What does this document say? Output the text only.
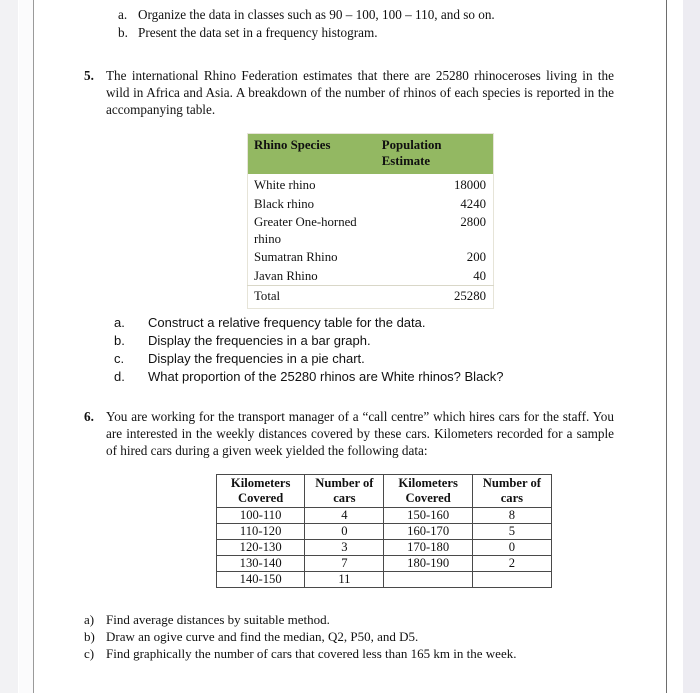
a. Organize the data in classes such as 90 – 100, 100 – 110, and so on.
b. Present the data set in a frequency histogram.
5. The international Rhino Federation estimates that there are 25280 rhinoceroses living in the wild in Africa and Asia. A breakdown of the number of rhinos of each species is reported in the accompanying table.
Rhino Species	Population Estimate
White rhino	18000
Black rhino	4240
Greater One-horned rhino	2800
Sumatran Rhino	200
Javan Rhino	40
Total	25280
a.	Construct a relative frequency table for the data.
b.	Display the frequencies in a bar graph.
c.	Display the frequencies in a pie chart.
d.	What proportion of the 25280 rhinos are White rhinos? Black?
6. You are working for the transport manager of a “call centre” which hires cars for the staff. You are interested in the weekly distances covered by these cars. Kilometers recorded for a sample of hired cars during a given week yielded the following data:
Kilometers Covered	Number of cars	Kilometers Covered	Number of cars
100-110	4	150-160	8
110-120	0	160-170	5
120-130	3	170-180	0
130-140	7	180-190	2
140-150	11		
a) Find average distances by suitable method.
b) Draw an ogive curve and find the median, Q2, P50, and D5.
c) Find graphically the number of cars that covered less than 165 km in the week.
